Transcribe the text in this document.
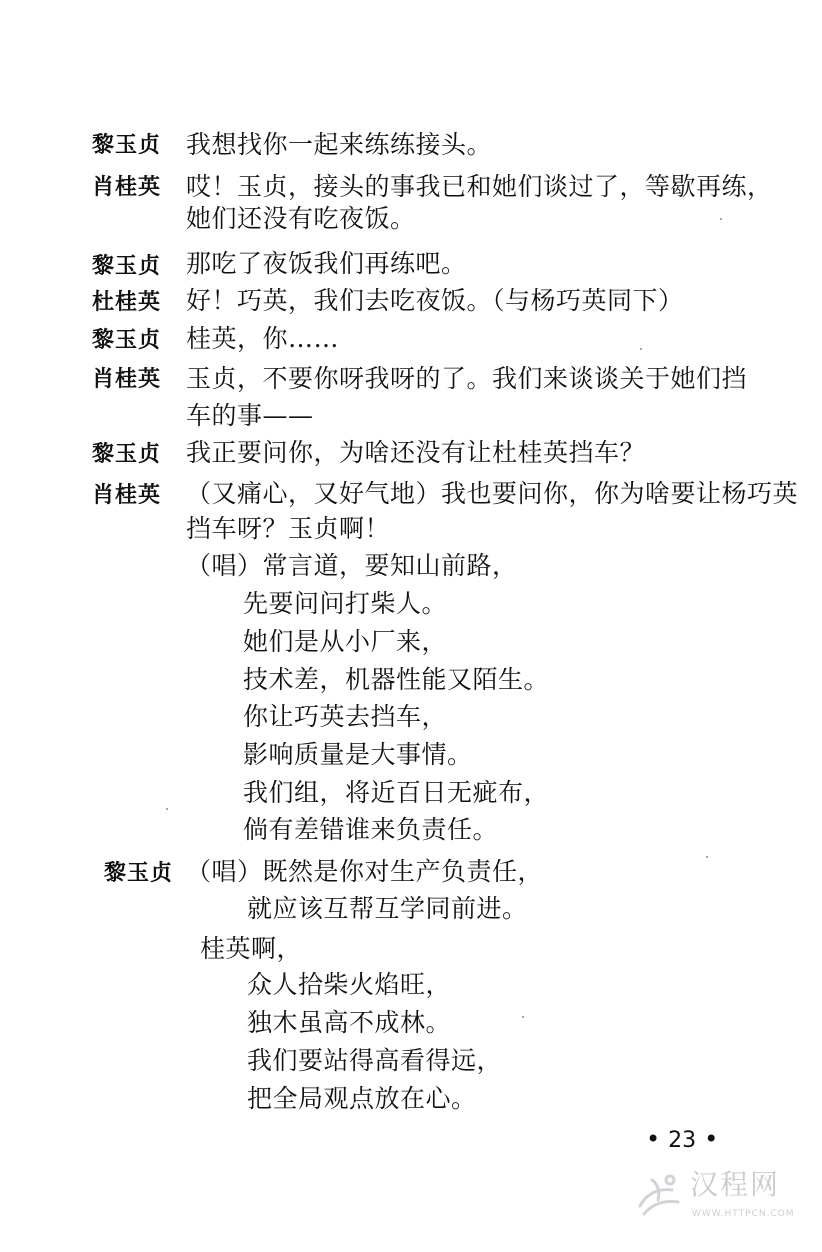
黎玉贞 我想找你一起来练练接头。
肖桂英 哎！玉贞，接头的事我已和她们谈过了，等歇再练，
她们还没有吃夜饭。
黎玉贞 那吃了夜饭我们再练吧。
杜桂英 好！巧英，我们去吃夜饭。（与杨巧英同下）
黎玉贞 桂英，你……
肖桂英 玉贞，不要你呀我呀的了。我们来谈谈关于她们挡
车的事——
黎玉贞 我正要问你，为啥还没有让杜桂英挡车？
肖桂英 （又痛心，又好气地）我也要问你，你为啥要让杨巧英
挡车呀？玉贞啊！
（唱）常言道，要知山前路，
先要问问打柴人。
她们是从小厂来，
技术差，机器性能又陌生。
你让巧英去挡车，
影响质量是大事情。
我们组，将近百日无疵布，
倘有差错谁来负责任。
黎玉贞 （唱）既然是你对生产负责任，
就应该互帮互学同前进。
桂英啊，
众人拾柴火焰旺，
独木虽高不成林。
我们要站得高看得远，
把全局观点放在心。
• 23 •
汉程网
WWW.HTTPCN.COM
